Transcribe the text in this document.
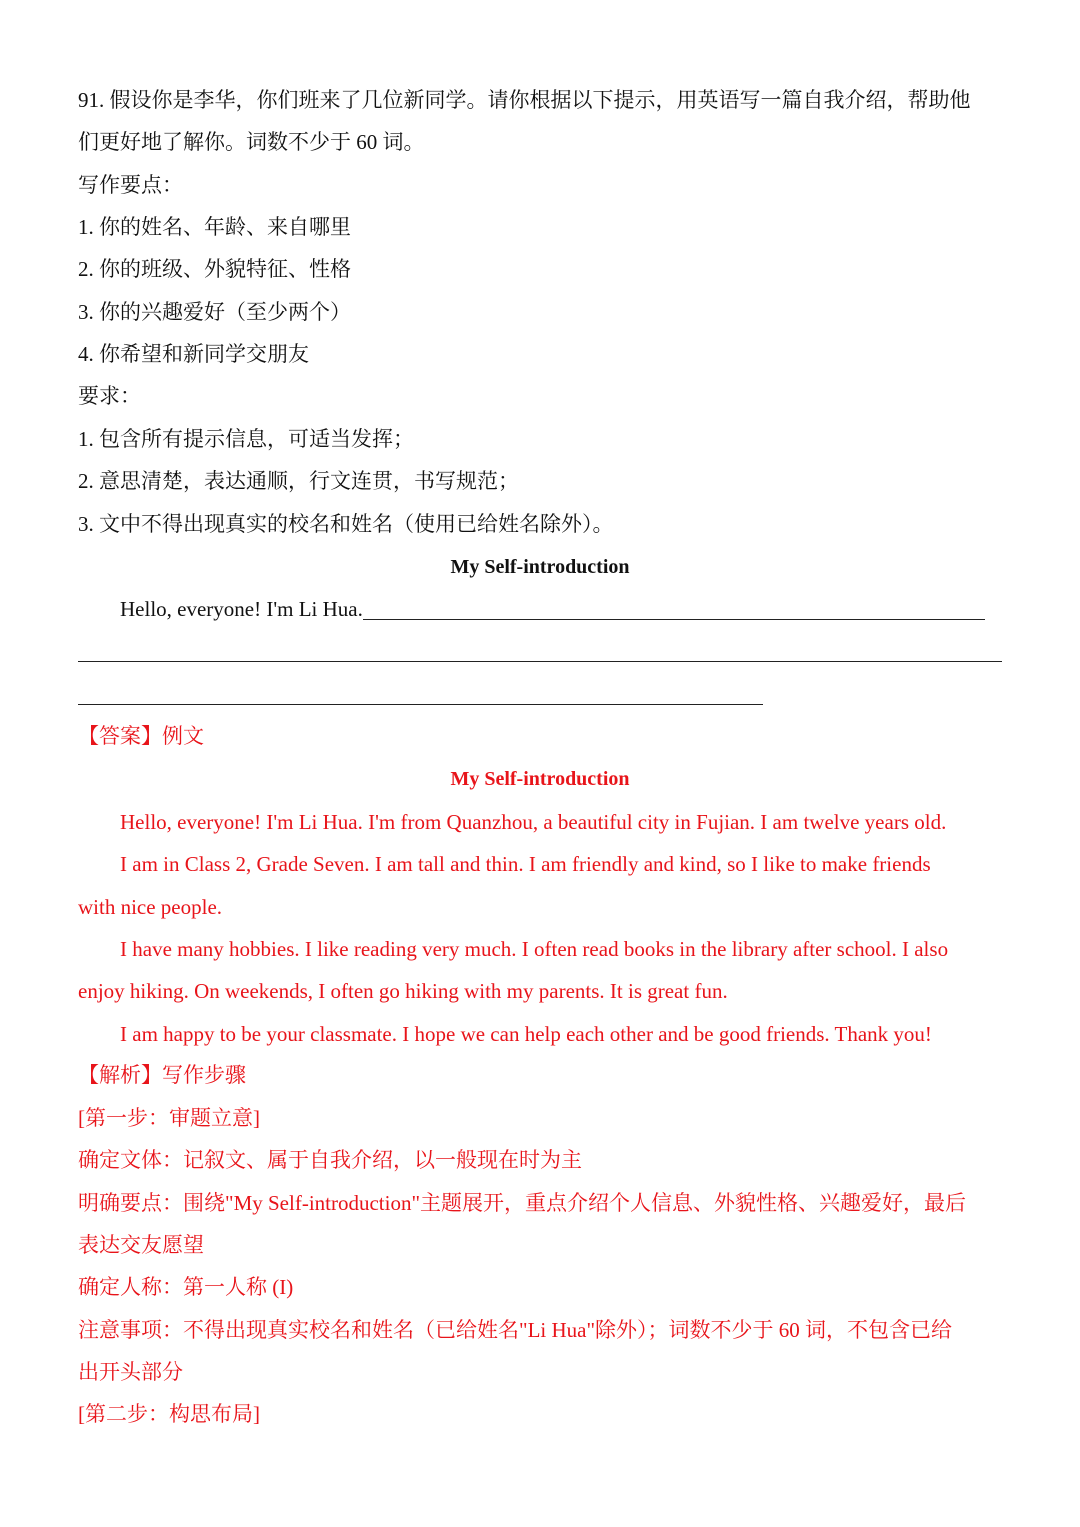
91. 假设你是李华，你们班来了几位新同学。请你根据以下提示，用英语写一篇自我介绍，帮助他
们更好地了解你。词数不少于 60 词。
写作要点：
1. 你的姓名、年龄、来自哪里
2. 你的班级、外貌特征、性格
3. 你的兴趣爱好（至少两个）
4. 你希望和新同学交朋友
要求：
1. 包含所有提示信息，可适当发挥；
2. 意思清楚，表达通顺，行文连贯，书写规范；
3. 文中不得出现真实的校名和姓名（使用已给姓名除外）。
My Self-introduction
Hello, everyone! I'm Li Hua.
【答案】例文
My Self-introduction
Hello, everyone! I'm Li Hua. I'm from Quanzhou, a beautiful city in Fujian. I am twelve years old.
I am in Class 2, Grade Seven. I am tall and thin. I am friendly and kind, so I like to make friends
with nice people.
I have many hobbies. I like reading very much. I often read books in the library after school. I also
enjoy hiking. On weekends, I often go hiking with my parents. It is great fun.
I am happy to be your classmate. I hope we can help each other and be good friends. Thank you!
【解析】写作步骤
[第一步：审题立意]
确定文体：记叙文、属于自我介绍，以一般现在时为主
明确要点：围绕"My Self-introduction"主题展开，重点介绍个人信息、外貌性格、兴趣爱好，最后
表达交友愿望
确定人称：第一人称 (I)
注意事项：不得出现真实校名和姓名（已给姓名"Li Hua"除外）；词数不少于 60 词，不包含已给
出开头部分
[第二步：构思布局]
